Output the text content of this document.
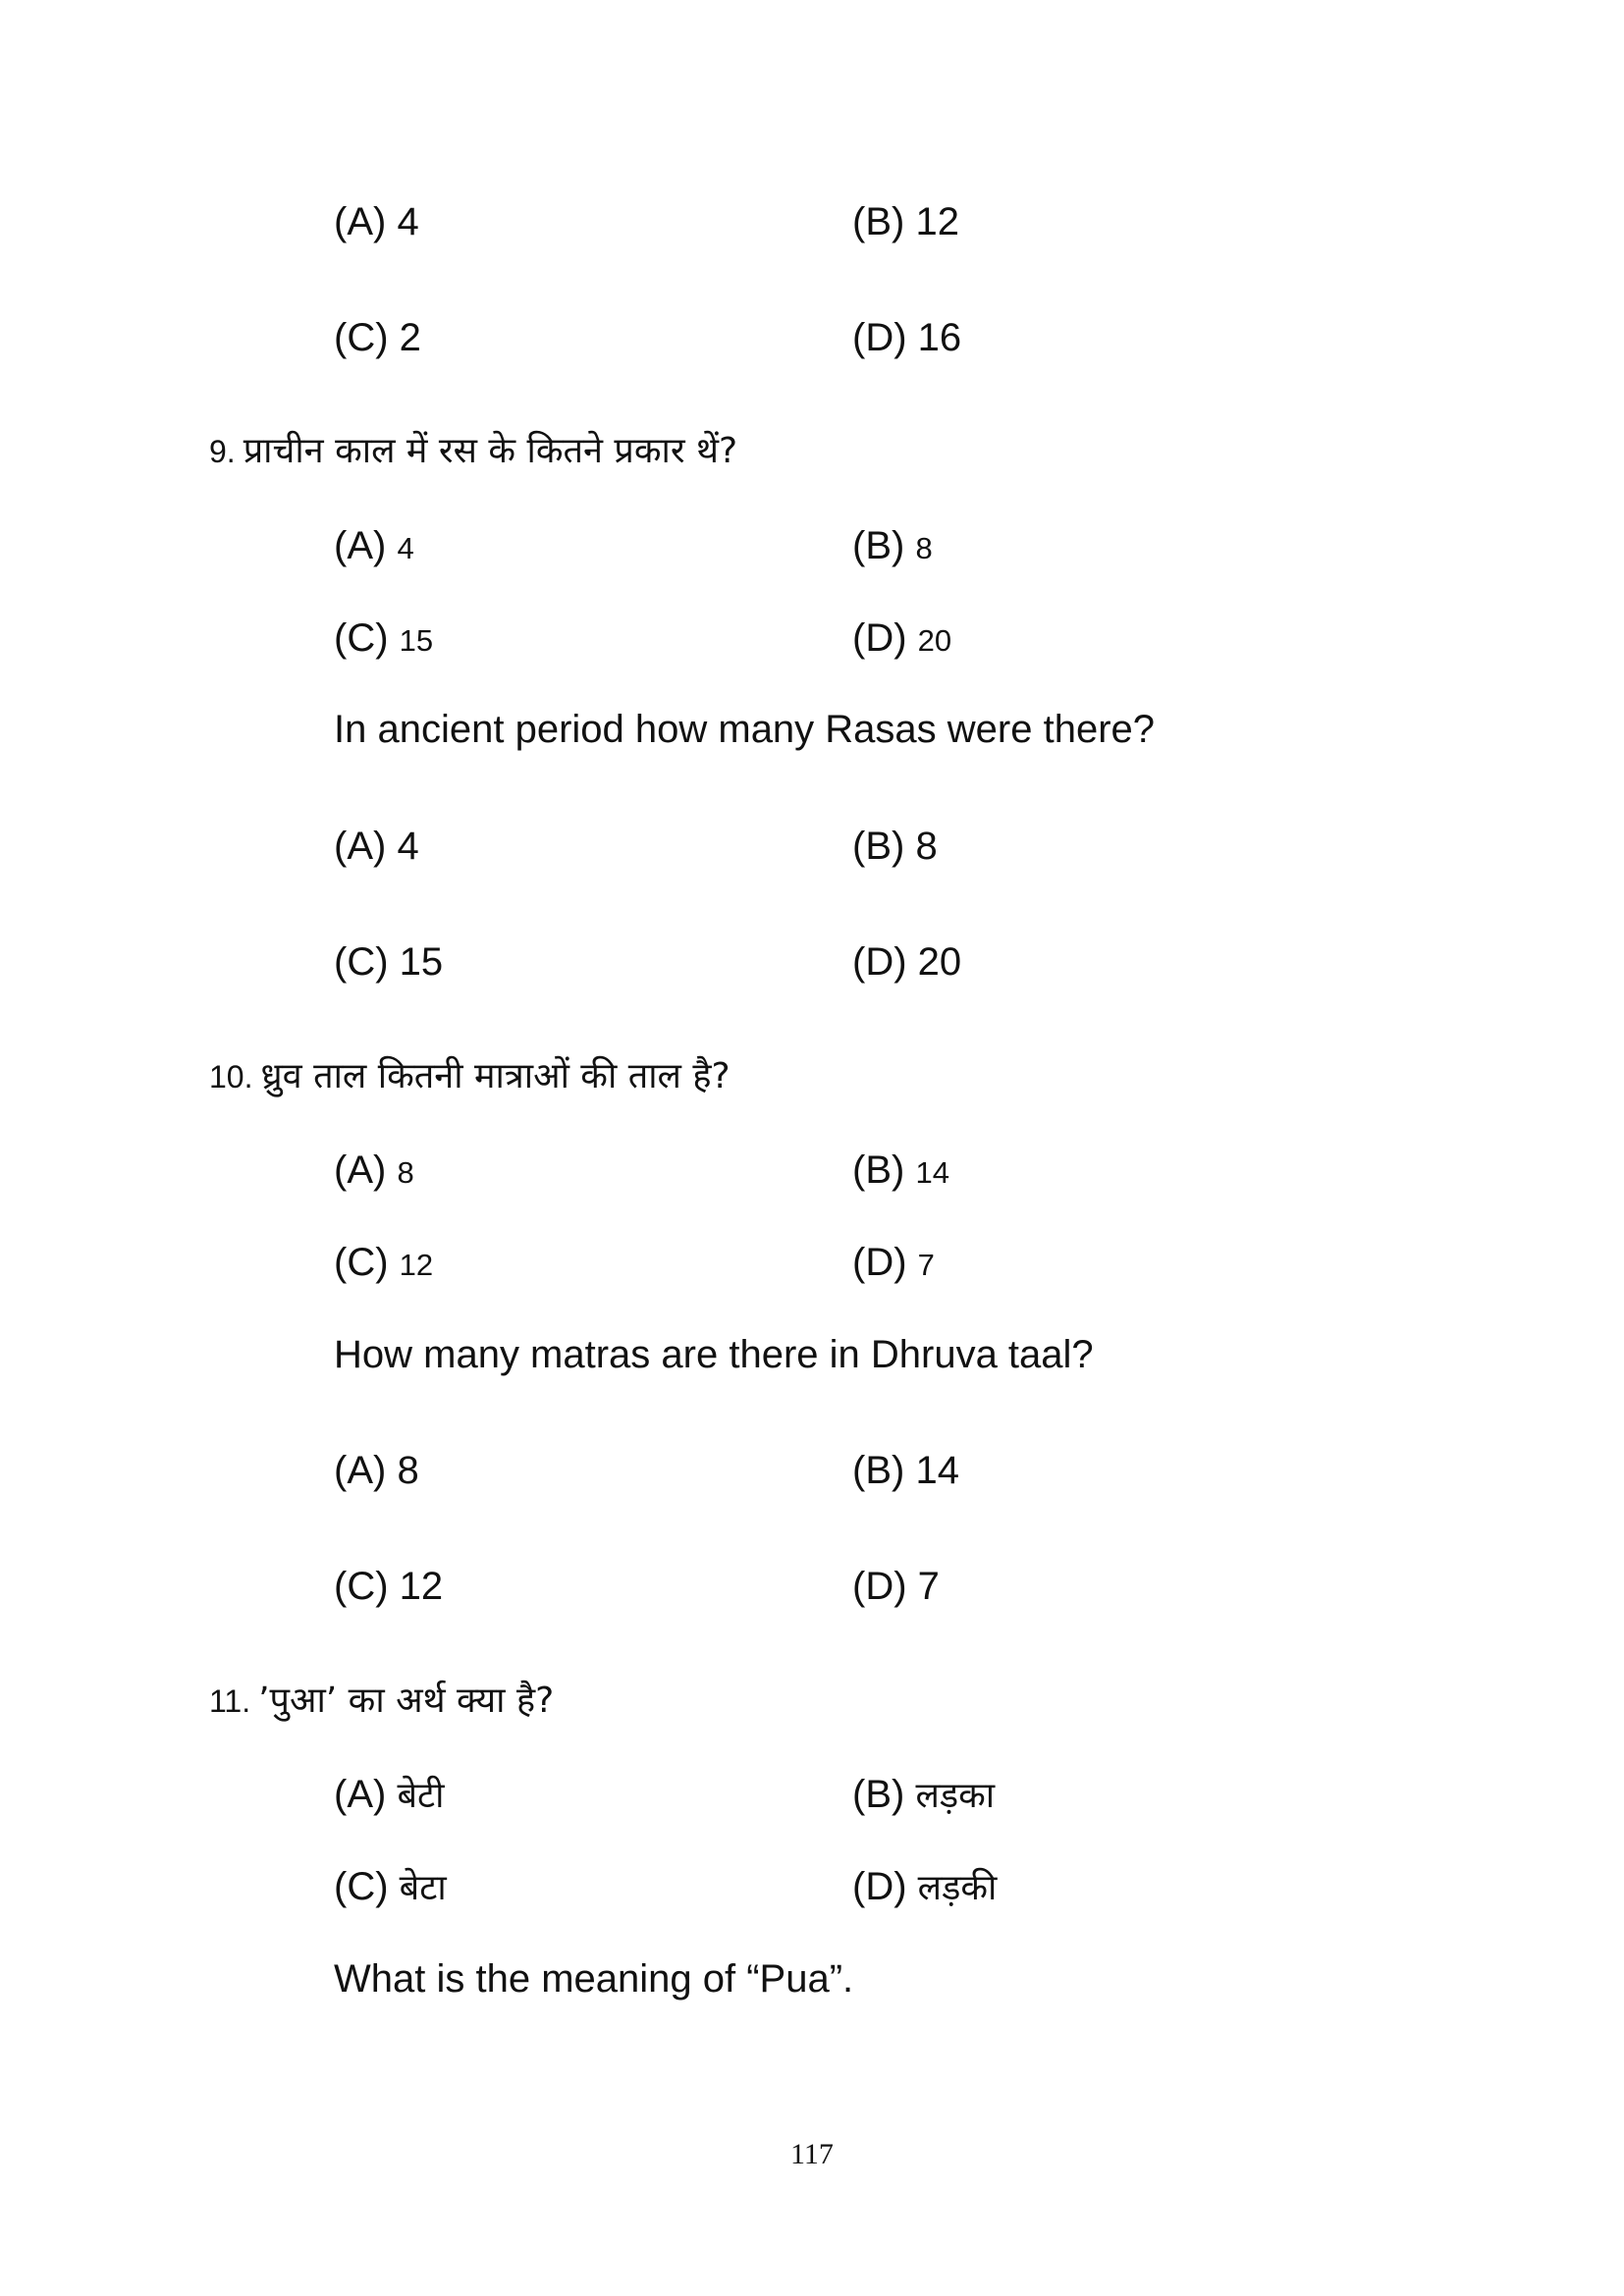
(A) 4	(B) 12
(C) 2	(D) 16
9. प्राचीन काल में रस के कितने प्रकार थें?
(A) 4	(B) 8
(C) 15	(D) 20
In ancient period how many Rasas were there?
(A) 4	(B) 8
(C) 15	(D) 20
10. ध्रुव ताल कितनी मात्राओं की ताल है?
(A) 8	(B) 14
(C) 12	(D) 7
How many matras are there in Dhruva taal?
(A) 8	(B) 14
(C) 12	(D) 7
11. ’पुआ’ का अर्थ क्या है?
(A) बेटी	(B) लड़का
(C) बेटा	(D) लड़की
What is the meaning of “Pua”.
117
